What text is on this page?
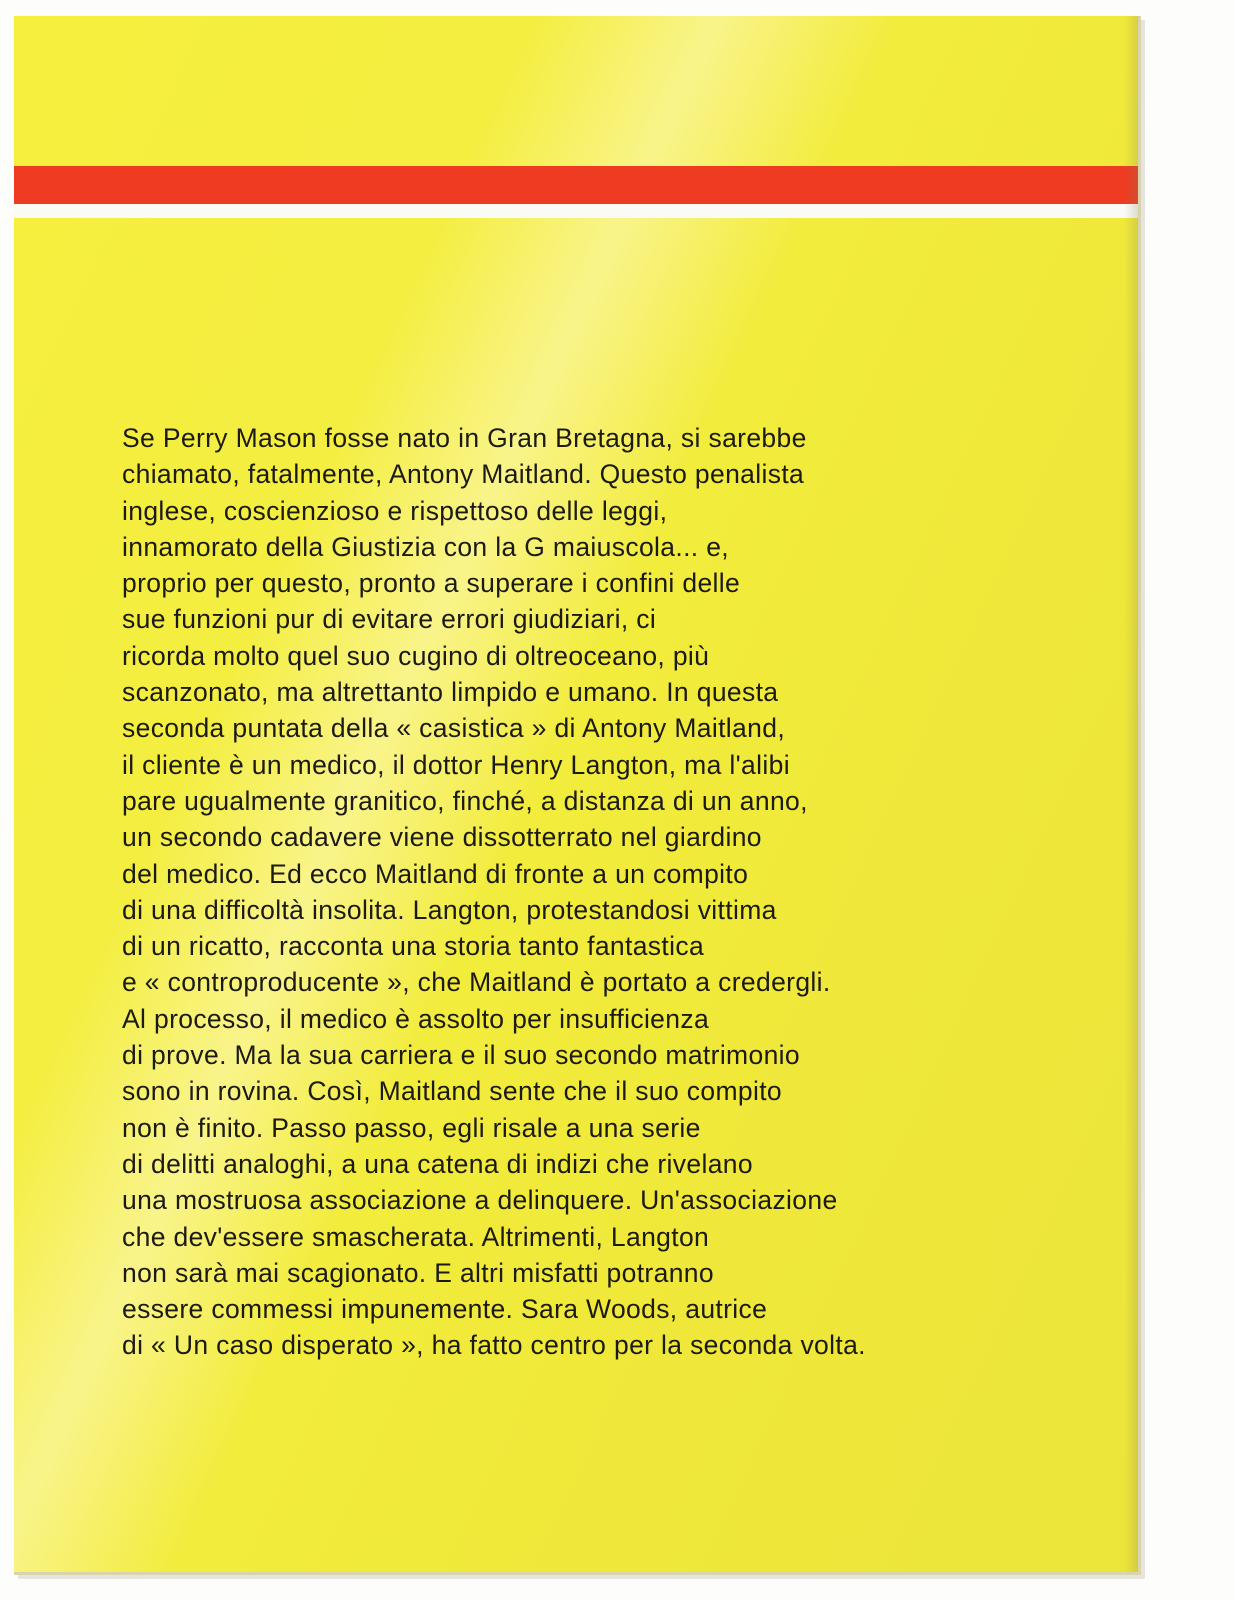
Se Perry Mason fosse nato in Gran Bretagna, si sarebbe
chiamato, fatalmente, Antony Maitland. Questo penalista
inglese, coscienzioso e rispettoso delle leggi,
innamorato della Giustizia con la G maiuscola... e,
proprio per questo, pronto a superare i confini delle
sue funzioni pur di evitare errori giudiziari, ci
ricorda molto quel suo cugino di oltreoceano, più
scanzonato, ma altrettanto limpido e umano. In questa
seconda puntata della « casistica » di Antony Maitland,
il cliente è un medico, il dottor Henry Langton, ma l'alibi
pare ugualmente granitico, finché, a distanza di un anno,
un secondo cadavere viene dissotterrato nel giardino
del medico. Ed ecco Maitland di fronte a un compito
di una difficoltà insolita. Langton, protestandosi vittima
di un ricatto, racconta una storia tanto fantastica
e « controproducente », che Maitland è portato a credergli.
Al processo, il medico è assolto per insufficienza
di prove. Ma la sua carriera e il suo secondo matrimonio
sono in rovina. Così, Maitland sente che il suo compito
non è finito. Passo passo, egli risale a una serie
di delitti analoghi, a una catena di indizi che rivelano
una mostruosa associazione a delinquere. Un'associazione
che dev'essere smascherata. Altrimenti, Langton
non sarà mai scagionato. E altri misfatti potranno
essere commessi impunemente. Sara Woods, autrice
di « Un caso disperato », ha fatto centro per la seconda volta.
